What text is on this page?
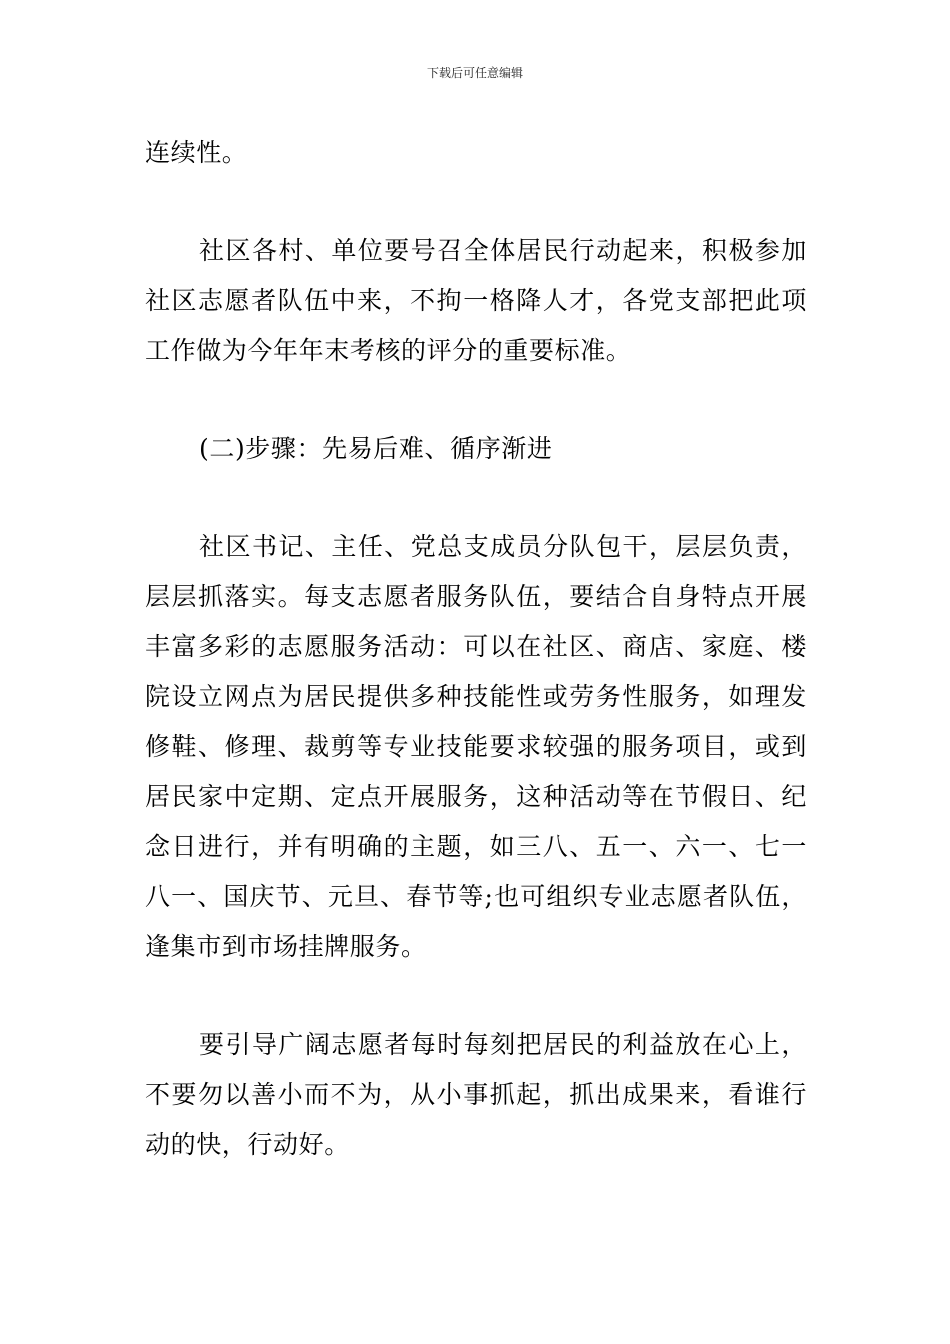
下载后可任意编辑

连续性。

社区各村、单位要号召全体居民行动起来，积极参加社区志愿者队伍中来，不拘一格降人才，各党支部把此项工作做为今年年末考核的评分的重要标准。

(二)步骤：先易后难、循序渐进

社区书记、主任、党总支成员分队包干，层层负责，层层抓落实。每支志愿者服务队伍，要结合自身特点开展丰富多彩的志愿服务活动：可以在社区、商店、家庭、楼院设立网点为居民提供多种技能性或劳务性服务，如理发修鞋、修理、裁剪等专业技能要求较强的服务项目，或到居民家中定期、定点开展服务，这种活动等在节假日、纪念日进行，并有明确的主题，如三八、五一、六一、七一八一、国庆节、元旦、春节等;也可组织专业志愿者队伍，逢集市到市场挂牌服务。

要引导广阔志愿者每时每刻把居民的利益放在心上，不要勿以善小而不为，从小事抓起，抓出成果来，看谁行动的快，行动好。
